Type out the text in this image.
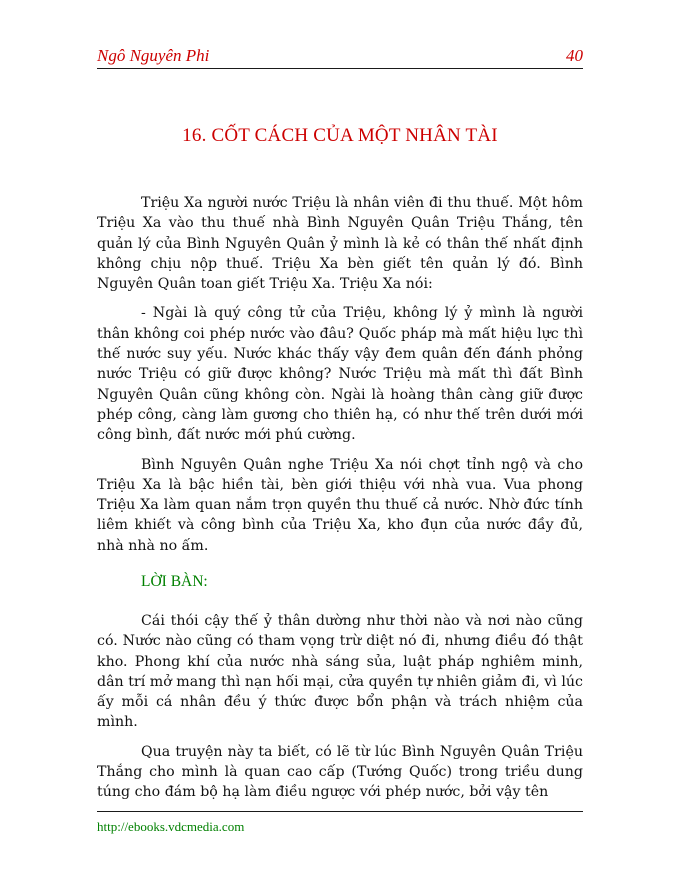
Ngô Nguyên Phi	40
16. CỐT CÁCH CỦA MỘT NHÂN TÀI

Triệu Xa người nước Triệu là nhân viên đi thu thuế. Một hôm Triệu Xa vào thu thuế nhà Bình Nguyên Quân Triệu Thắng, tên quản lý của Bình Nguyên Quân ỷ mình là kẻ có thân thế nhất định không chịu nộp thuế. Triệu Xa bèn giết tên quản lý đó. Bình Nguyên Quân toan giết Triệu Xa. Triệu Xa nói:

- Ngài là quý công tử của Triệu, không lý ỷ mình là người thân không coi phép nước vào đâu? Quốc pháp mà mất hiệu lực thì thế nước suy yếu. Nước khác thấy vậy đem quân đến đánh phỏng nước Triệu có giữ được không? Nước Triệu mà mất thì đất Bình Nguyên Quân cũng không còn. Ngài là hoàng thân càng giữ được phép công, càng làm gương cho thiên hạ, có như thế trên dưới mới công bình, đất nước mới phú cường.

Bình Nguyên Quân nghe Triệu Xa nói chợt tỉnh ngộ và cho Triệu Xa là bậc hiền tài, bèn giới thiệu với nhà vua. Vua phong Triệu Xa làm quan nắm trọn quyền thu thuế cả nước. Nhờ đức tính liêm khiết và công bình của Triệu Xa, kho đụn của nước đầy đủ, nhà nhà no ấm.

LỜI BÀN:

Cái thói cậy thế ỷ thân dường như thời nào và nơi nào cũng có. Nước nào cũng có tham vọng trừ diệt nó đi, nhưng điều đó thật kho. Phong khí của nước nhà sáng sủa, luật pháp nghiêm minh, dân trí mở mang thì nạn hối mại, cửa quyền tự nhiên giảm đi, vì lúc ấy mỗi cá nhân đều ý thức được bổn phận và trách nhiệm của mình.

Qua truyện này ta biết, có lẽ từ lúc Bình Nguyên Quân Triệu Thắng cho mình là quan cao cấp (Tướng Quốc) trong triều dung túng cho đám bộ hạ làm điều ngược với phép nước, bởi vậy tên

http://ebooks.vdcmedia.com
